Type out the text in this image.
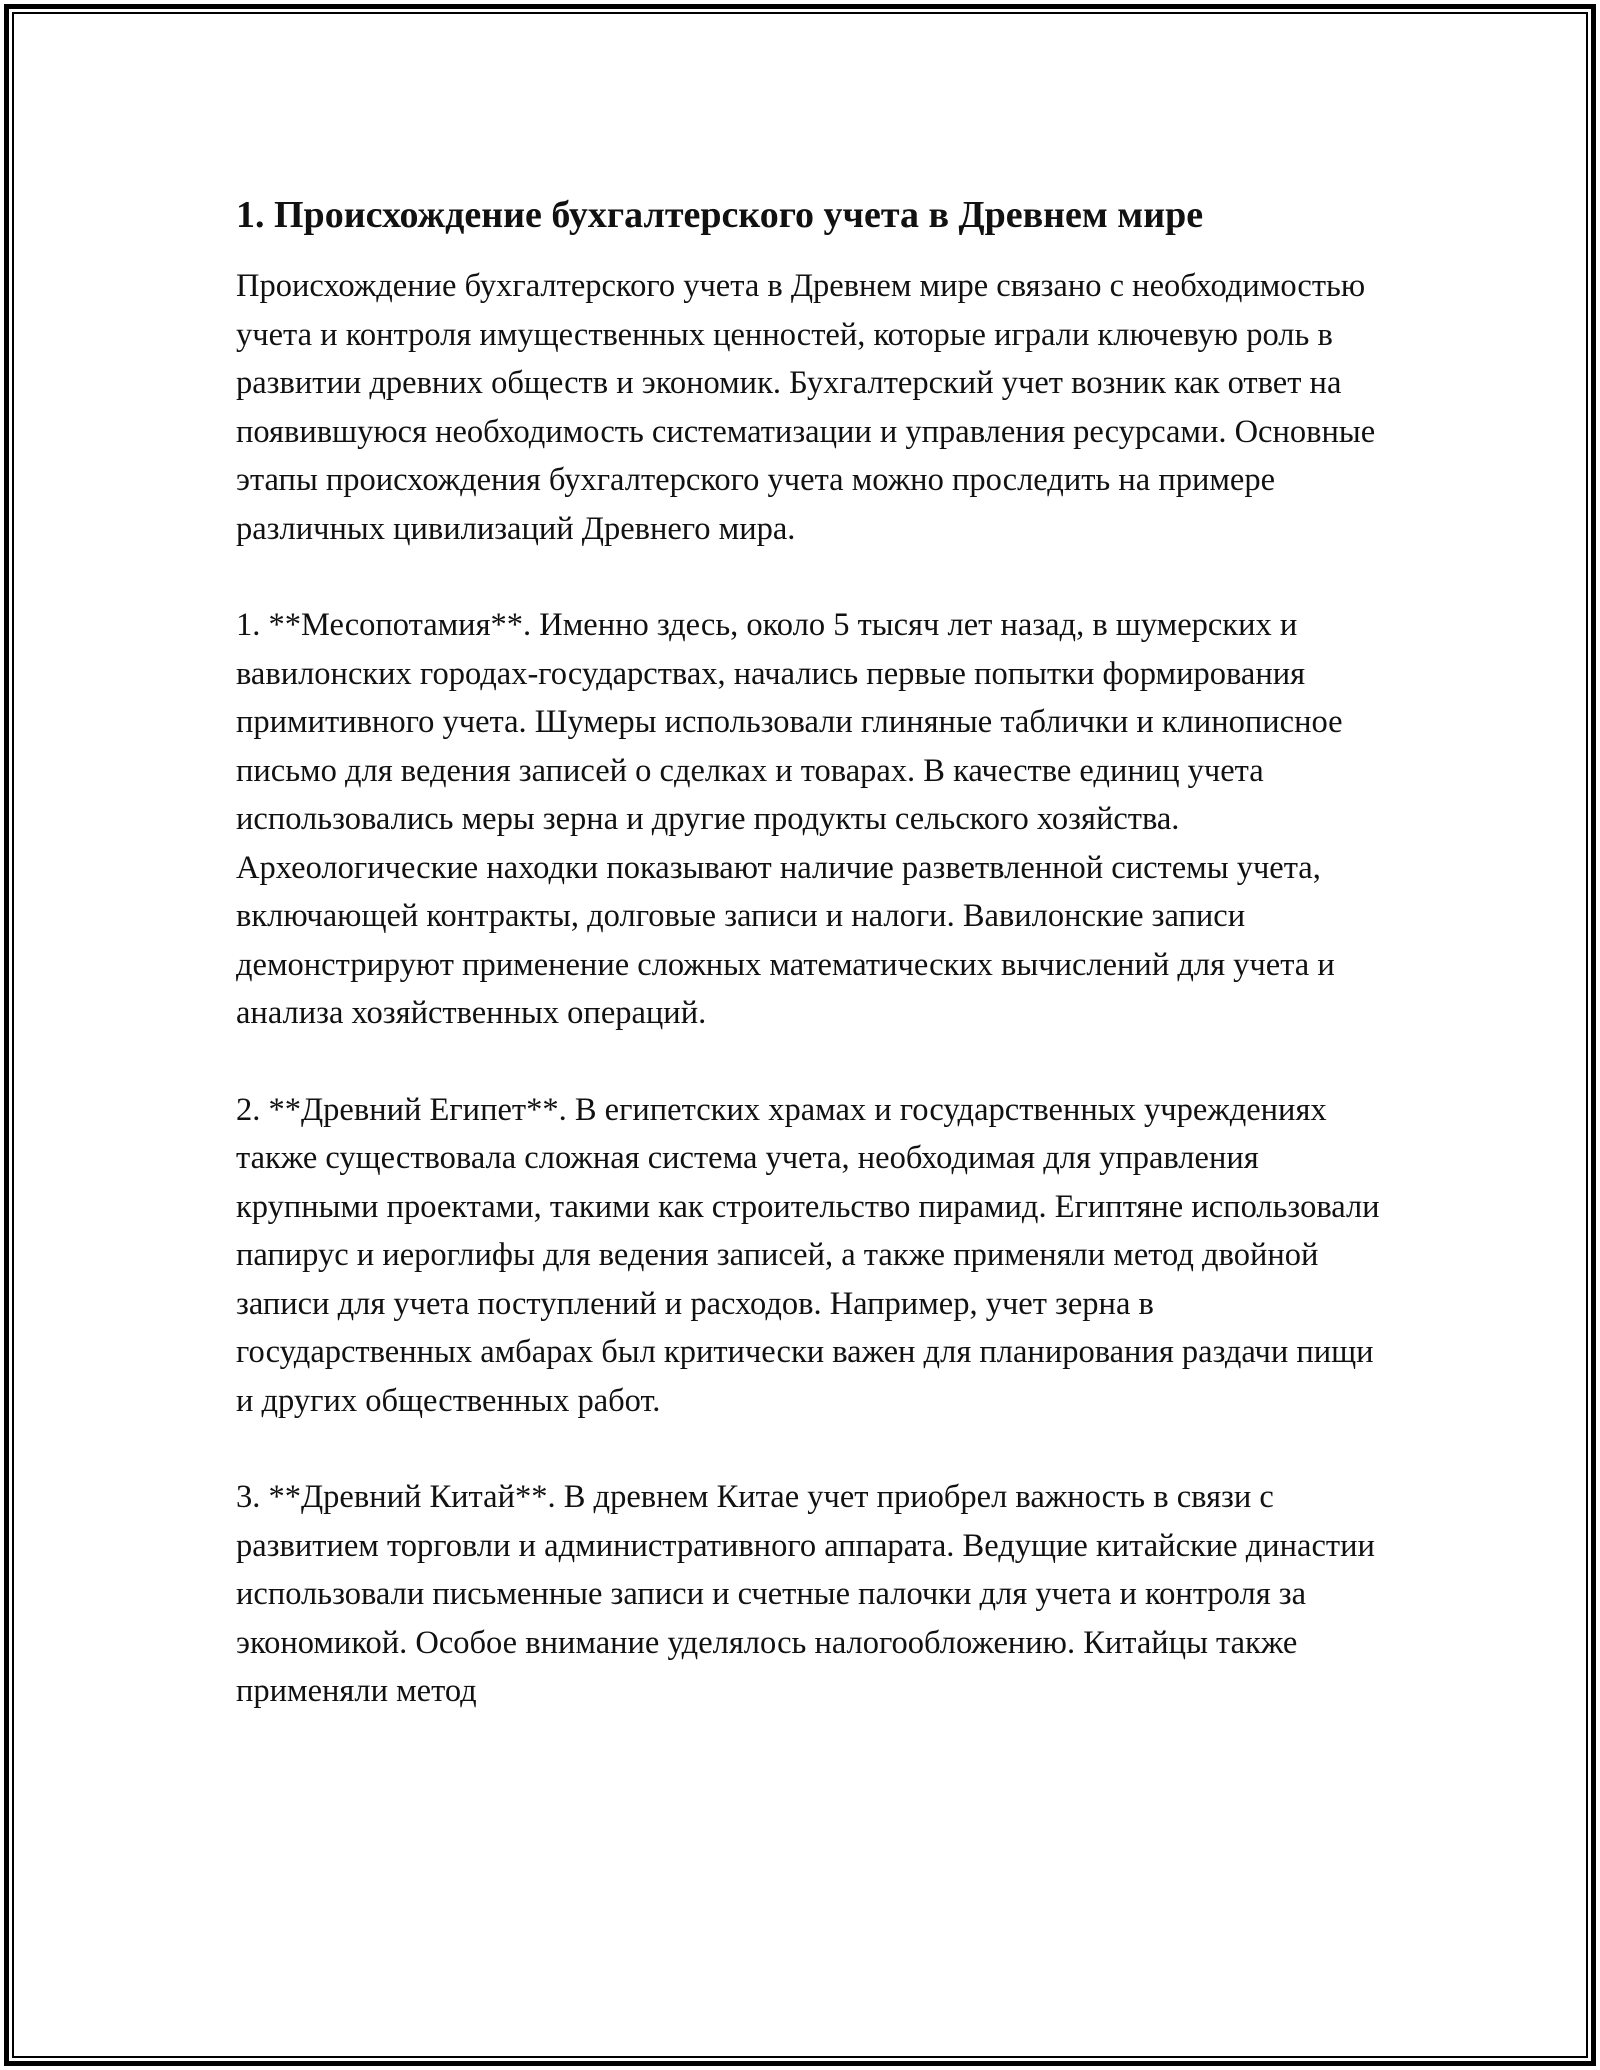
1. Происхождение бухгалтерского учета в Древнем мире

Происхождение бухгалтерского учета в Древнем мире связано с необходимостью учета и контроля имущественных ценностей, которые играли ключевую роль в развитии древних обществ и экономик. Бухгалтерский учет возник как ответ на появившуюся необходимость систематизации и управления ресурсами. Основные этапы происхождения бухгалтерского учета можно проследить на примере различных цивилизаций Древнего мира.

1. **Месопотамия**. Именно здесь, около 5 тысяч лет назад, в шумерских и вавилонских городах-государствах, начались первые попытки формирования примитивного учета. Шумеры использовали глиняные таблички и клинописное письмо для ведения записей о сделках и товарах. В качестве единиц учета использовались меры зерна и другие продукты сельского хозяйства. Археологические находки показывают наличие разветвленной системы учета, включающей контракты, долговые записи и налоги. Вавилонские записи демонстрируют применение сложных математических вычислений для учета и анализа хозяйственных операций.

2. **Древний Египет**. В египетских храмах и государственных учреждениях также существовала сложная система учета, необходимая для управления крупными проектами, такими как строительство пирамид. Египтяне использовали папирус и иероглифы для ведения записей, а также применяли метод двойной записи для учета поступлений и расходов. Например, учет зерна в государственных амбарах был критически важен для планирования раздачи пищи и других общественных работ.

3. **Древний Китай**. В древнем Китае учет приобрел важность в связи с развитием торговли и административного аппарата. Ведущие китайские династии использовали письменные записи и счетные палочки для учета и контроля за экономикой. Особое внимание уделялось налогообложению. Китайцы также применяли метод
